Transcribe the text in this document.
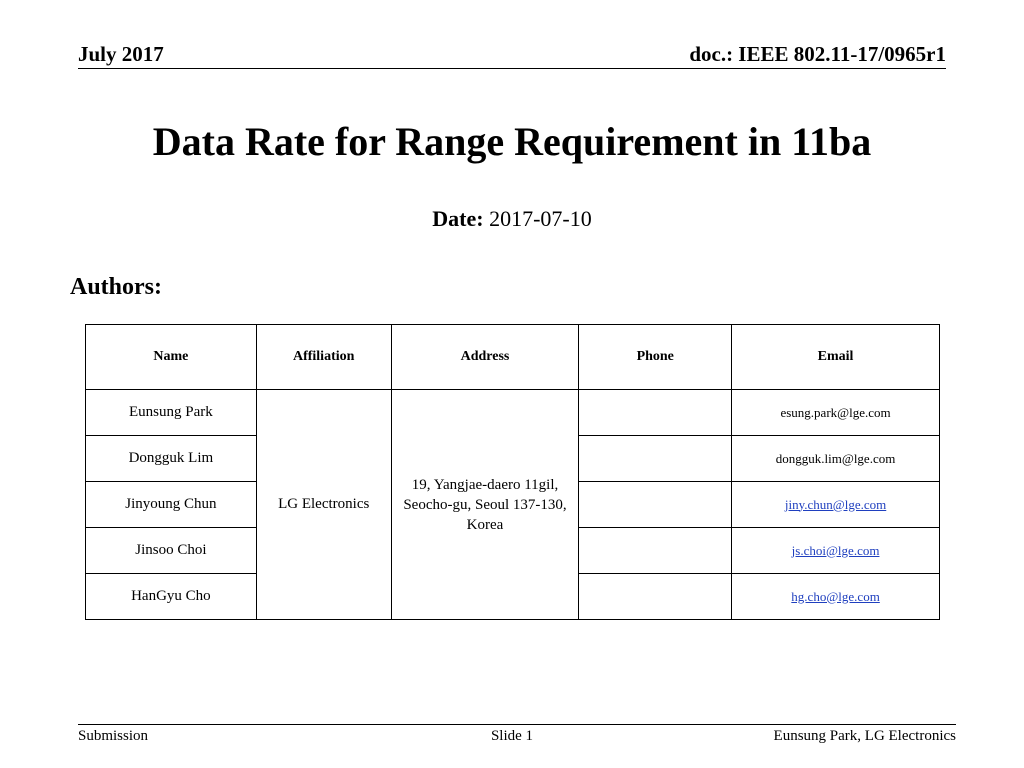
July 2017	doc.: IEEE 802.11-17/0965r1
Data Rate for Range Requirement in 11ba
Date: 2017-07-10
Authors:
Name	Affiliation	Address	Phone	Email
Eunsung Park	LG Electronics	19, Yangjae-daero 11gil, Seocho-gu, Seoul 137-130, Korea		esung.park@lge.com
Dongguk Lim				dongguk.lim@lge.com
Jinyoung Chun				jiny.chun@lge.com
Jinsoo Choi				js.choi@lge.com
HanGyu Cho				hg.cho@lge.com
Submission	Slide 1	Eunsung Park, LG Electronics
